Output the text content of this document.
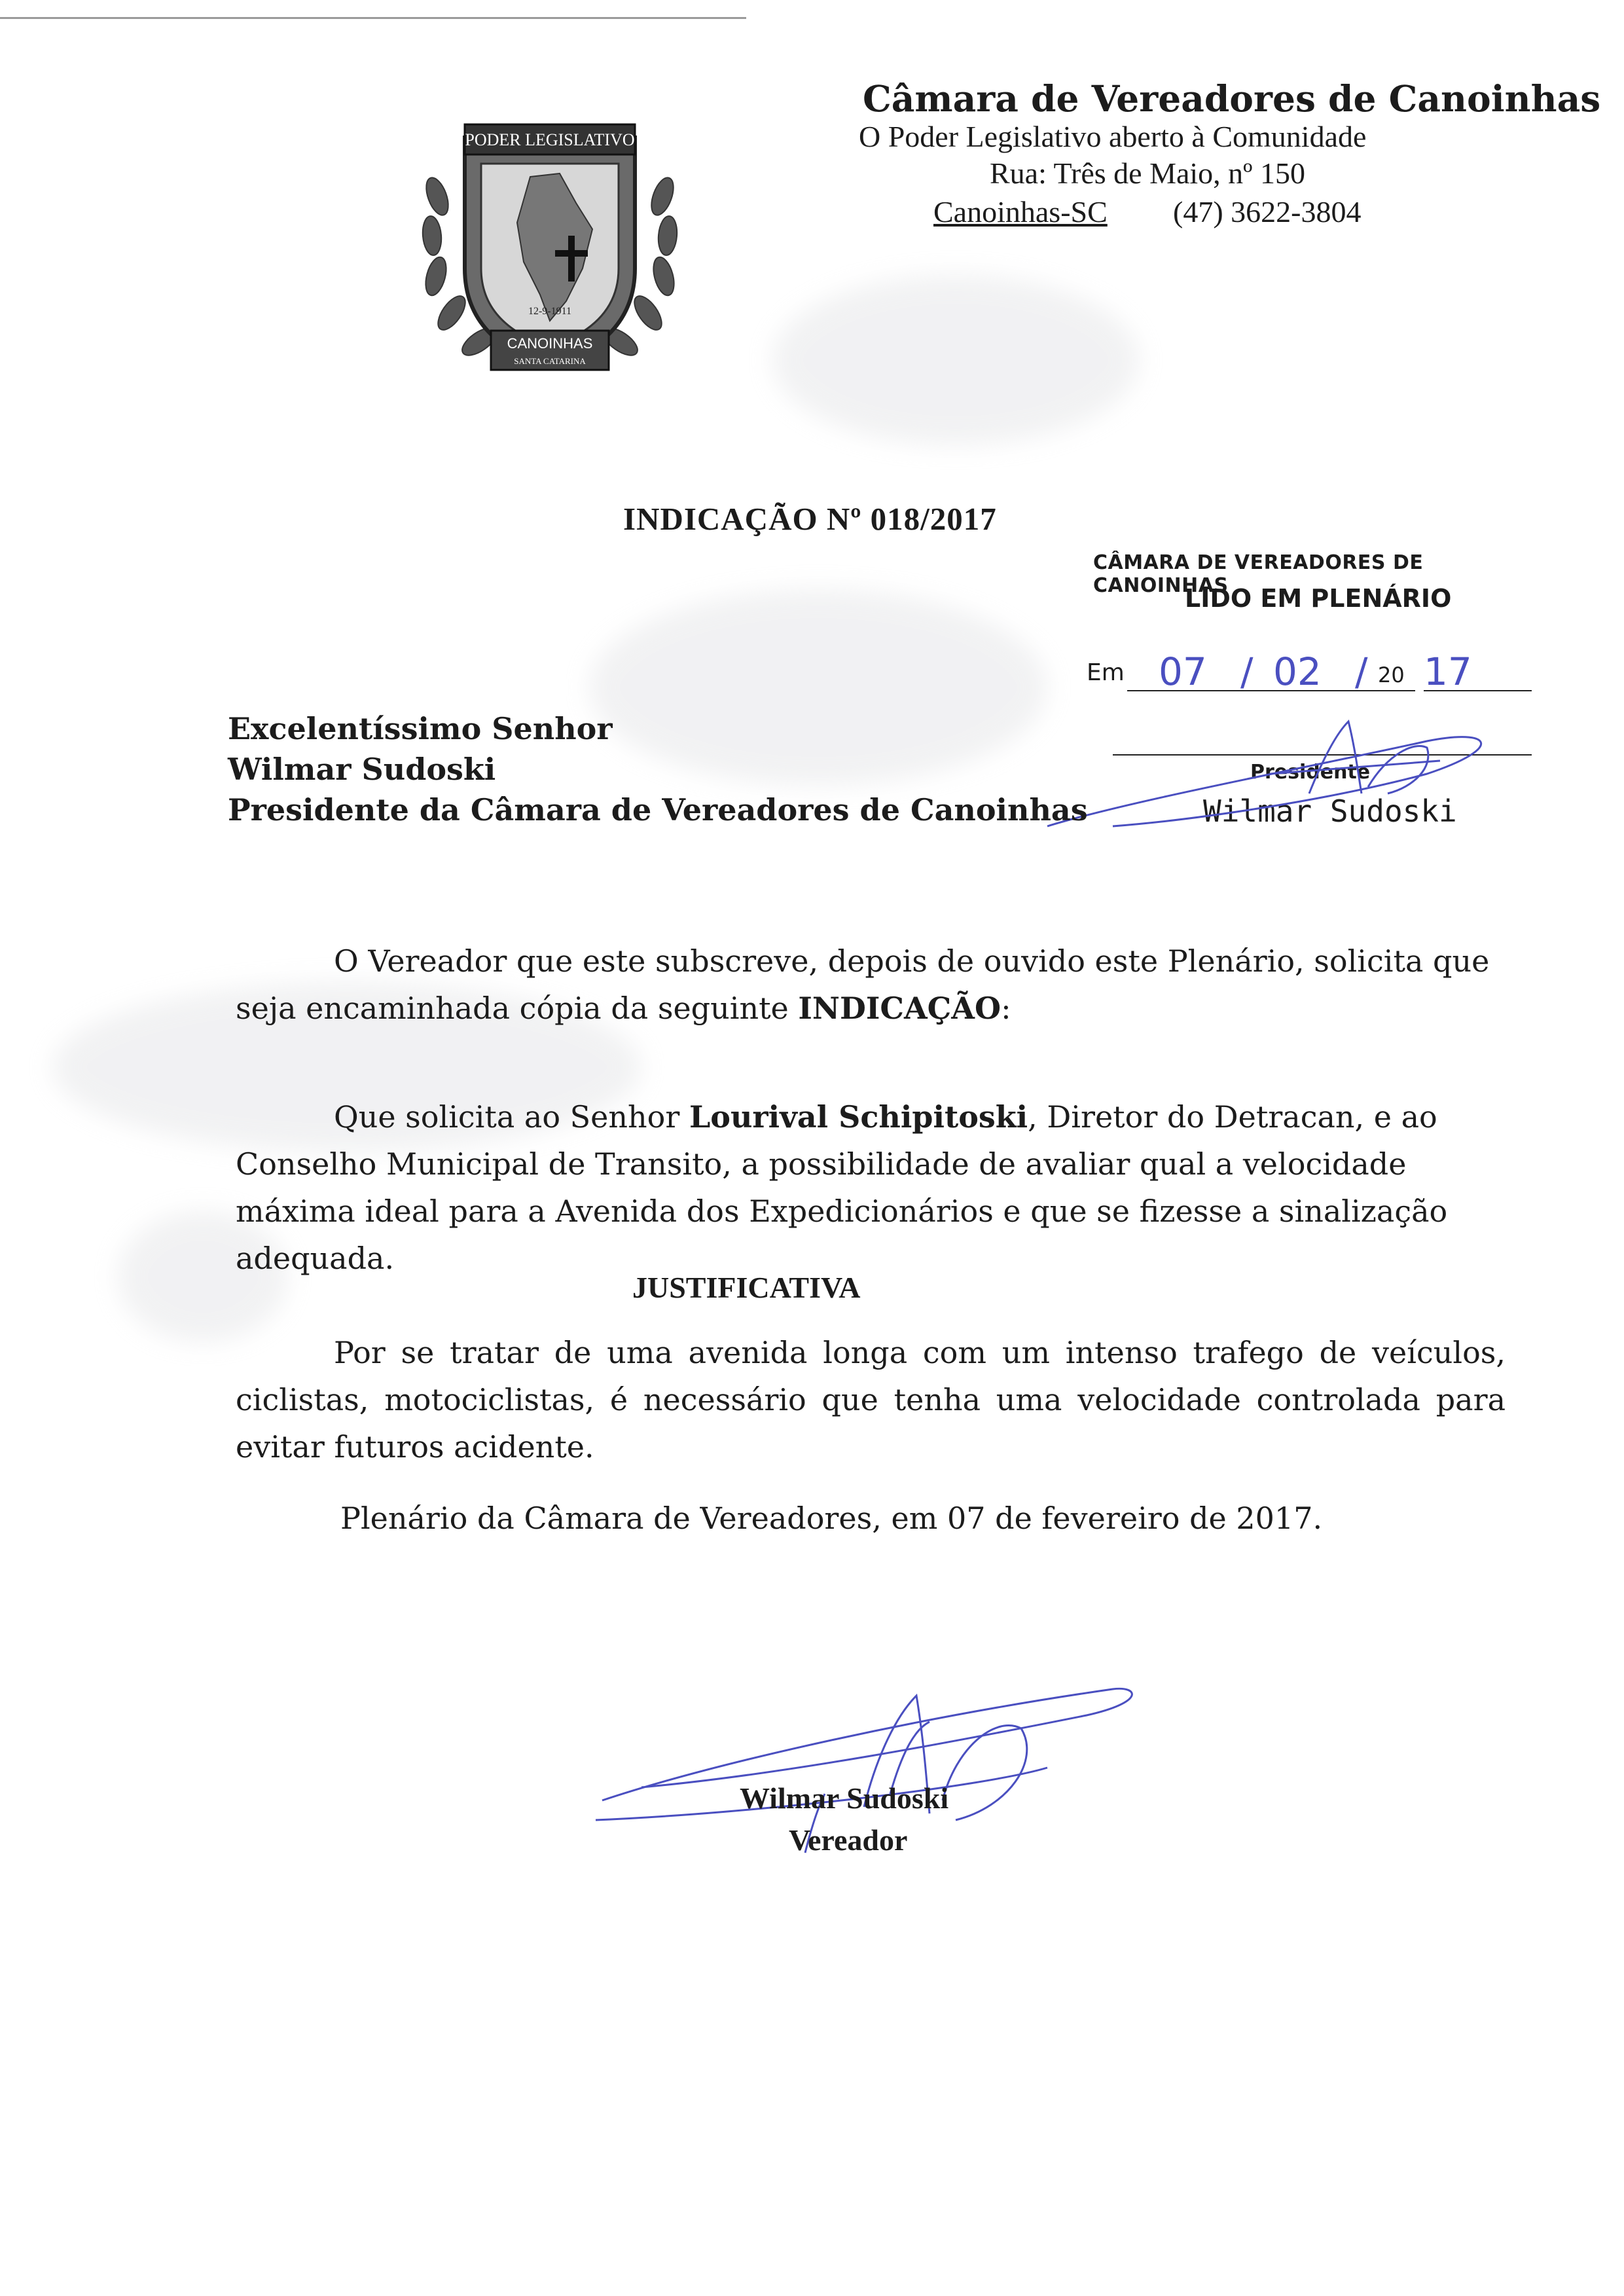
PODER LEGISLATIVO
12-9-1911
CANOINHAS
SANTA CATARINA
Câmara de Vereadores de Canoinhas
O Poder Legislativo aberto à Comunidade
Rua: Três de Maio, nº 150
Canoinhas-SC (47) 3622-3804
INDICAÇÃO Nº 018/2017
CÂMARA DE VEREADORES DE CANOINHAS
LIDO EM PLENÁRIO
Em 07 / 02 / 20 17
Presidente
Wilmar Sudoski
Excelentíssimo Senhor
Wilmar Sudoski
Presidente da Câmara de Vereadores de Canoinhas
O Vereador que este subscreve, depois de ouvido este Plenário, solicita que seja encaminhada cópia da seguinte INDICAÇÃO:
Que solicita ao Senhor Lourival Schipitoski, Diretor do Detracan, e ao Conselho Municipal de Transito, a possibilidade de avaliar qual a velocidade máxima ideal para a Avenida dos Expedicionários e que se fizesse a sinalização adequada.
JUSTIFICATIVA
Por se tratar de uma avenida longa com um intenso trafego de veículos, ciclistas, motociclistas, é necessário que tenha uma velocidade controlada para evitar futuros acidente.
Plenário da Câmara de Vereadores, em 07 de fevereiro de 2017.
Wilmar Sudoski
Vereador
